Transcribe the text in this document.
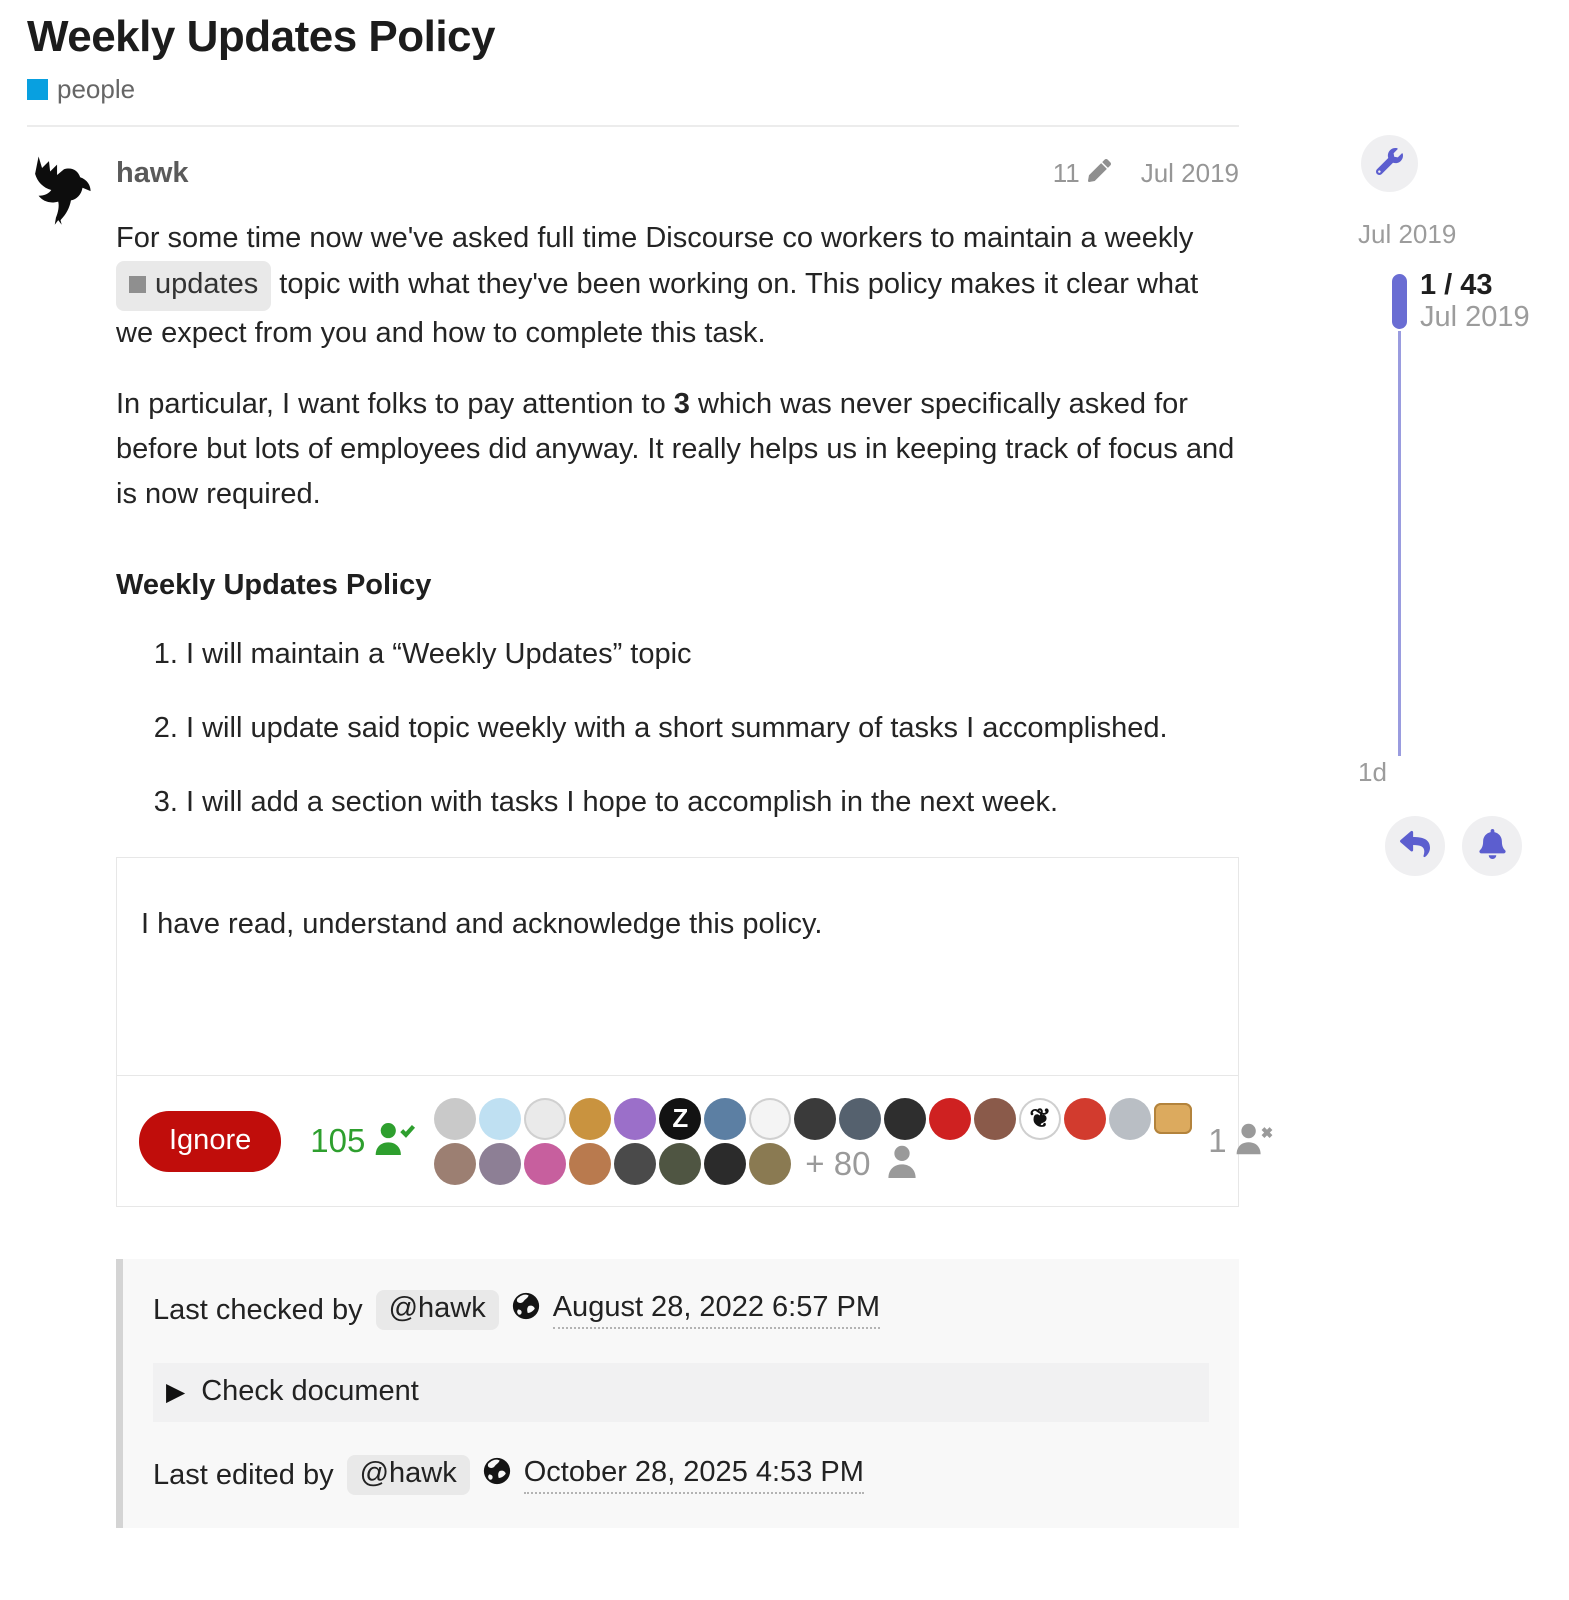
Weekly Updates Policy
people
hawk	11 Jul 2019

For some time now we've asked full time Discourse co workers to maintain a weekly
updates topic with what they've been working on. This policy makes it clear what we expect from you and how to complete this task.

In particular, I want folks to pay attention to 3 which was never specifically asked for before but lots of employees did anyway. It really helps us in keeping track of focus and is now required.

Weekly Updates Policy
1. I will maintain a “Weekly Updates” topic
2. I will update said topic weekly with a short summary of tasks I accomplished.
3. I will add a section with tasks I hope to accomplish in the next week.
I have read, understand and acknowledge this policy.
Ignore	105
Z	❦
+ 80
1
Last checked by @hawk	August 28, 2022 6:57 PM
▶ Check document
Last edited by @hawk	October 28, 2025 4:53 PM
Jul 2019
1 / 43
Jul 2019
1d
